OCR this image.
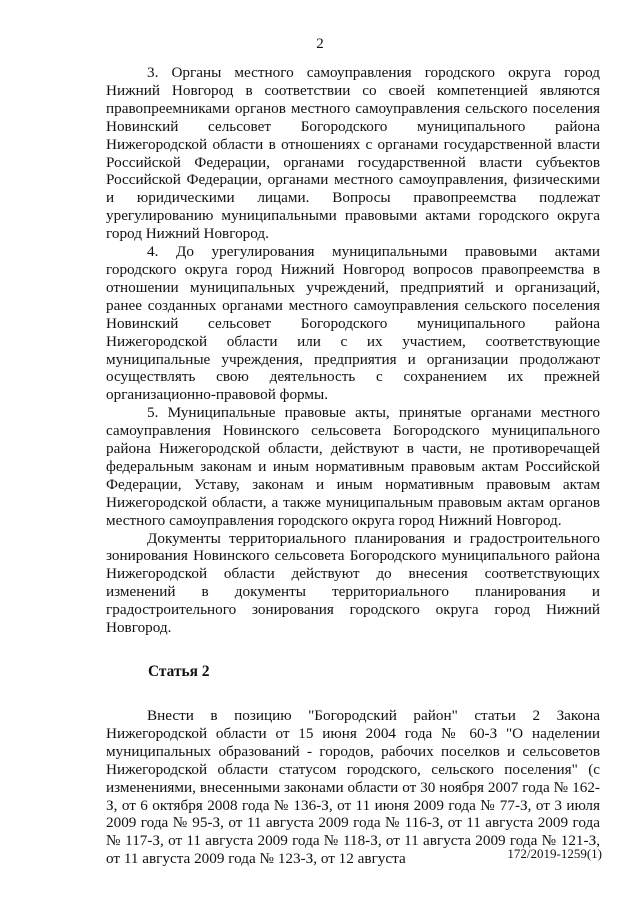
2

3. Органы местного самоуправления городского округа город Нижний Новгород в соответствии со своей компетенцией являются правопреемниками органов местного самоуправления сельского поселения Новинский сельсовет Богородского муниципального района Нижегородской области в отношениях с органами государственной власти Российской Федерации, органами государственной власти субъектов Российской Федерации, органами местного самоуправления, физическими и юридическими лицами. Вопросы правопреемства подлежат урегулированию муниципальными правовыми актами городского округа город Нижний Новгород.

4. До урегулирования муниципальными правовыми актами городского округа город Нижний Новгород вопросов правопреемства в отношении муниципальных учреждений, предприятий и организаций, ранее созданных органами местного самоуправления сельского поселения Новинский сельсовет Богородского муниципального района Нижегородской области или с их участием, соответствующие муниципальные учреждения, предприятия и организации продолжают осуществлять свою деятельность с сохранением их прежней организационно-правовой формы.

5. Муниципальные правовые акты, принятые органами местного самоуправления Новинского сельсовета Богородского муниципального района Нижегородской области, действуют в части, не противоречащей федеральным законам и иным нормативным правовым актам Российской Федерации, Уставу, законам и иным нормативным правовым актам Нижегородской области, а также муниципальным правовым актам органов местного самоуправления городского округа город Нижний Новгород.

Документы территориального планирования и градостроительного зонирования Новинского сельсовета Богородского муниципального района Нижегородской области действуют до внесения соответствующих изменений в документы территориального планирования и градостроительного зонирования городского округа город Нижний Новгород.

Статья 2

Внести в позицию "Богородский район" статьи 2 Закона Нижегородской области от 15 июня 2004 года № 60-З "О наделении муниципальных образований - городов, рабочих поселков и сельсоветов Нижегородской области статусом городского, сельского поселения" (с изменениями, внесенными законами области от 30 ноября 2007 года № 162-З, от 6 октября 2008 года № 136-З, от 11 июня 2009 года № 77-З, от 3 июля 2009 года № 95-З, от 11 августа 2009 года № 116-З, от 11 августа 2009 года № 117-З, от 11 августа 2009 года № 118-З, от 11 августа 2009 года № 121-З, от 11 августа 2009 года № 123-З, от 12 августа	172/2019-1259(1)
